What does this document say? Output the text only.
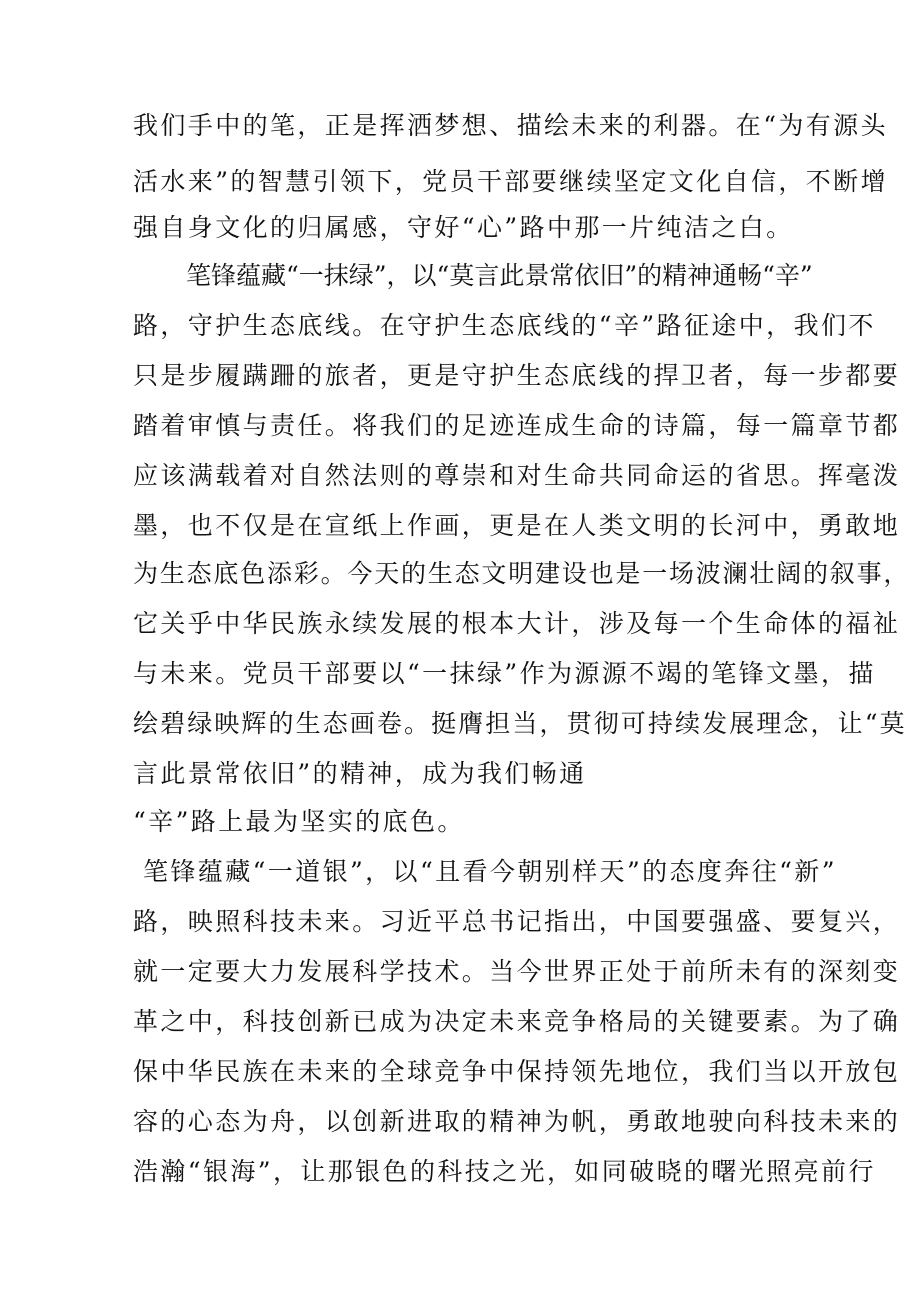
我们手中的笔，正是挥洒梦想、描绘未来的利器。在“为有源头
活水来”的智慧引领下，党员干部要继续坚定文化自信，不断增
强自身文化的归属感，守好“心”路中那一片纯洁之白。
笔锋蕴藏“一抹绿”，以“莫言此景常依旧”的精神通畅“辛”
路，守护生态底线。在守护生态底线的“辛”路征途中，我们不
只是步履蹒跚的旅者，更是守护生态底线的捍卫者，每一步都要
踏着审慎与责任。将我们的足迹连成生命的诗篇，每一篇章节都
应该满载着对自然法则的尊崇和对生命共同命运的省思。挥毫泼
墨，也不仅是在宣纸上作画，更是在人类文明的长河中，勇敢地
为生态底色添彩。今天的生态文明建设也是一场波澜壮阔的叙事，
它关乎中华民族永续发展的根本大计，涉及每一个生命体的福祉
与未来。党员干部要以“一抹绿”作为源源不竭的笔锋文墨，描
绘碧绿映辉的生态画卷。挺膺担当，贯彻可持续发展理念，让“莫
言此景常依旧”的精神，成为我们畅通
“辛”路上最为坚实的底色。
笔锋蕴藏“一道银”，以“且看今朝别样天”的态度奔往“新”
路，映照科技未来。习近平总书记指出，中国要强盛、要复兴，
就一定要大力发展科学技术。当今世界正处于前所未有的深刻变
革之中，科技创新已成为决定未来竞争格局的关键要素。为了确
保中华民族在未来的全球竞争中保持领先地位，我们当以开放包
容的心态为舟，以创新进取的精神为帆，勇敢地驶向科技未来的
浩瀚“银海”，让那银色的科技之光，如同破晓的曙光照亮前行
